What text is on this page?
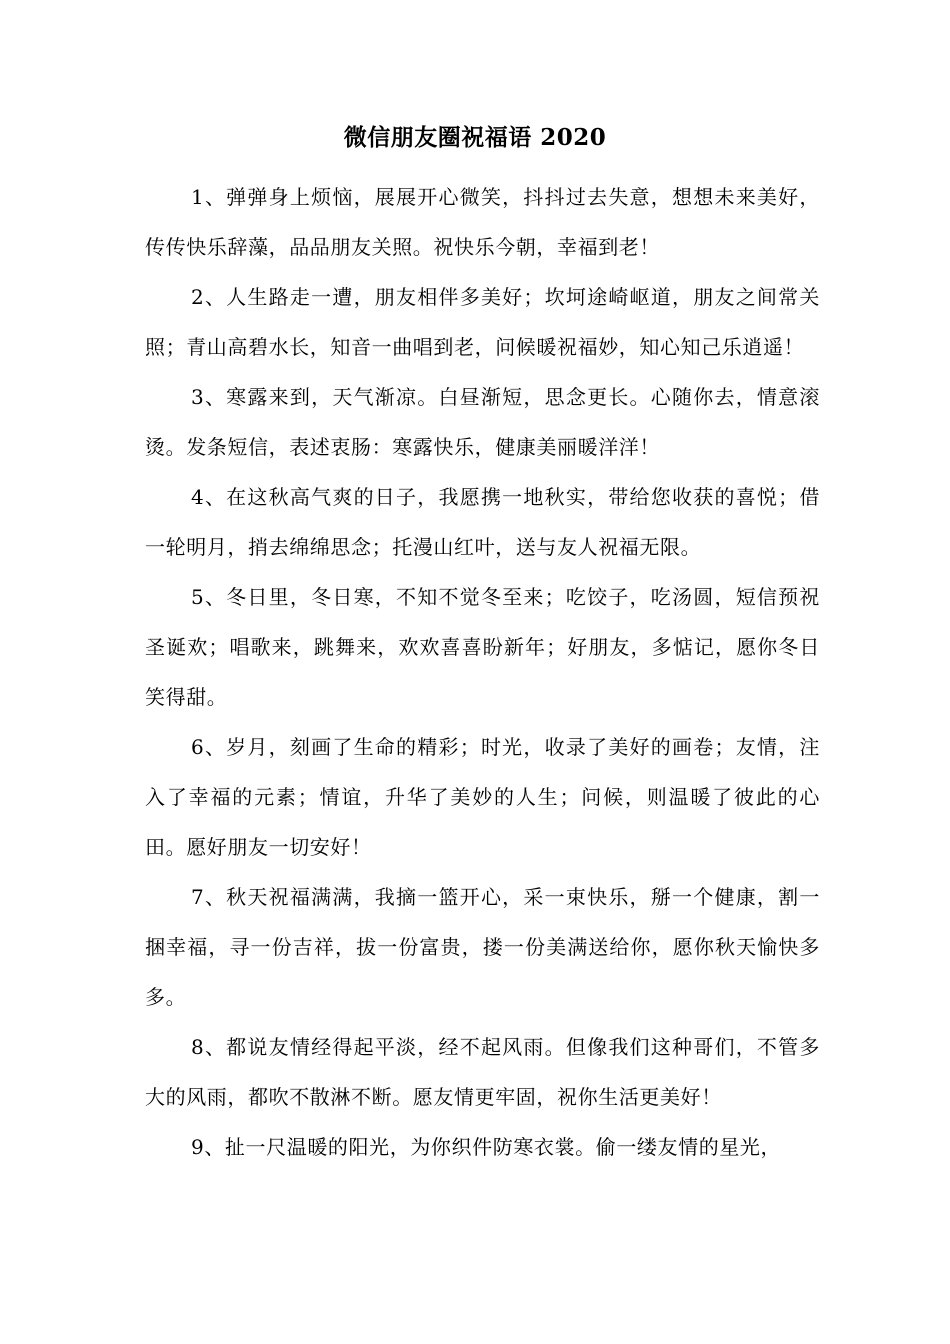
微信朋友圈祝福语 2020

1、弹弹身上烦恼，展展开心微笑，抖抖过去失意，想想未来美好，传传快乐辞藻，品品朋友关照。祝快乐今朝，幸福到老！

2、人生路走一遭，朋友相伴多美好；坎坷途崎岖道，朋友之间常关照；青山高碧水长，知音一曲唱到老，问候暖祝福妙，知心知己乐逍遥！

3、寒露来到，天气渐凉。白昼渐短，思念更长。心随你去，情意滚烫。发条短信，表述衷肠：寒露快乐，健康美丽暖洋洋！

4、在这秋高气爽的日子，我愿携一地秋实，带给您收获的喜悦；借一轮明月，捎去绵绵思念；托漫山红叶，送与友人祝福无限。

5、冬日里，冬日寒，不知不觉冬至来；吃饺子，吃汤圆，短信预祝圣诞欢；唱歌来，跳舞来，欢欢喜喜盼新年；好朋友，多惦记，愿你冬日笑得甜。

6、岁月，刻画了生命的精彩；时光，收录了美好的画卷；友情，注入了幸福的元素；情谊，升华了美妙的人生；问候，则温暖了彼此的心田。愿好朋友一切安好！

7、秋天祝福满满，我摘一篮开心，采一束快乐，掰一个健康，割一捆幸福，寻一份吉祥，拔一份富贵，搂一份美满送给你，愿你秋天愉快多多。

8、都说友情经得起平淡，经不起风雨。但像我们这种哥们，不管多大的风雨，都吹不散淋不断。愿友情更牢固，祝你生活更美好！

9、扯一尺温暖的阳光，为你织件防寒衣裳。偷一缕友情的星光，
